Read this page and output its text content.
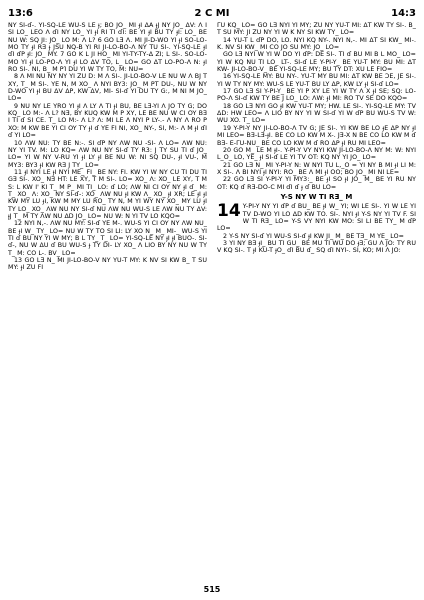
13:6	2 C MI	14:3

NY SI-ɗ-. YI-SQ-LE WU-S LE ɟ; BO JO_ MI ɟI ΔA ɟJ NY JO_ ΔV: Ʌ I SI LO_ LEO Ʌ ɗI NY LO_ YI ɟI RI TI ɗI: BE YI ɟI BU ΤΥ ɟI: LO_ BE NU W: SQ JI: JO_ LO M: Ʌ L? 6 GO LƎ Ʌ. MI JI-D-WO YI ɟI SO-LO-MO ΤΥ ɟI RƎ ɟ JSU NQ-B YI RI JI-LO-BO-Ʌ NY TU SI-. YI-SQ-LE ɟI ɗI ɗP ɟI: JO_ MY. 7 GO K L JI HO_ MI YI-TY-TΥ-Δ ZI; L SI-. SO-LO-MO YI ɟI LO-PO-Ʌ YI ɟI LO ΔV TO, L_ LO= GO ΔT LO-PO-Ʌ N: ɟI RO SI-. NI, B_ M PΊ DU YI W TY TO, M: NU=

8 Ʌ MI NU NY NY YI ZU D: M Ʌ SI-. JI-LO-BO-V LE NU W Ʌ BJ T XY, T_ M SI-. YE N, M XO_ Ʌ NYI BY3: JO_ M PT DU-, NU W NY D-WO YI ɟI BU ΔV ΔP, KW ΔV, MI- SI-ɗ YI DU TΥ G:, M NI M JO_ LO=

9 NU NY LE YRO YI ɟI Ʌ LY Ʌ TI ɟI BU, BE LƎ-YI Ʌ JO ΤΥ G; DO KQ_ LO M:- Ʌ L? NƎ, BY KUQ KW M P XY, LE BE NU W CI OY BƎ I TI ɗ SI CE. T_ LO M:- Ʌ L? Ʌ: MI LE Ʌ NYI P LY-.- Ʌ NY Ʌ RO P XO: M KW BE YI CI OY ΤΥ ɟI ɗ YE FI NI, XO_ NY-, SI, M:- Ʌ M ɟI ɗI ɗ YI LO=

10 ΛW NU: TY BE N:-. SI ɗP NY ΛW NU -SI- Ʌ LO= ΛW NU: NY YI TV. M: LO KQ= ΛW NU NY SI-ɗ TY R3: J TY SU TI ɗ JO_ LO= YI W NY V-RU YI ɟI LY ɟI BE NU W: NI SQ DU-, ɟI VU-, M MY3: BY3 ɟI KW RƎ J TY_ LO=

11 ɟI NYI LE ɟI NYI ME_ FI_ BE NY: FI. KW YI W NY CU TI DU TI GƎ SI-. XO_ NƎ HT: LE XY, T M SI-. LO= XO_ Ʌ: XO_ LE XY, T M S: L KW I' KI T_ M P_ MI TI_ LO: ɗ LO; ΛW NI CI OY NY ɟI ɗ_ M: T_ XO_ Ʌ: XO_ NY SI-ɗ-: XO_ ΛW NU ɟI KW Ʌ_ XO_ ɟI XR; LE ɟI ɟI KW MY LU ɟI, KW M MY LU RO_ TY N, M YI WY NY XO_ MY LU ɟI TY LO_ XO_ ΛW NU NY SI-ɗ NU ΛW NU WU-S LE ΛW NU TY ΔV: ɟJ T_ M ΤΥ ΛW NU ΔD JO_ LO= NU W: N YI TV LO KQO=

12 NYI N,-. ΛW NU MY: SI-ɗ YE M-. WU-S YI CI OY NY ΛW NU_ BE ɟI W_ TY_ LO= NU W TY TO SI LI: LY XO N_ M_ MI-_ WU-S YI TI ɗ BU NY YI W MY; B L TY_ T_ LO= YI-SQ-LE NY ɟI ɟI BUO-. SI-ɗ-, NU W ΔU ɗ BU WU-S ɟ TY DI- LY XO_ Ʌ LIO BY NY NU W TY T_ M: CO L-. BV_ LO=

13 GO LƎ N_ MI JI-LO-BO-V NY YU-T MY: K NV SI KW B_ T SU MY: ɟI ZU FI

ΓU KQ_ LO= GO LƎ NYI YI MY; ZU NY YU-T MI: ΔT KW TY SI-. B_ T SU MY: JI ZU NY YI W K NY SI KW TY_ LO=

14 YU-T L ɗP DO, LO. NYI KQ NY-. NYI N,-. MI ΔT SI KW_ MI-. K. NV SI KW_ MI CO JO SU MY: JO_ LO=

GO LƎ NYI W YI W DO YI ɗP: DE SI-. TI ɗ BU MI B L MO_ LO= YI W KQ NU TI LO_ LT-. SI-ɗ LE Y-PI-Y_ BE YU-T MY: BU MI: ΔT KW- JI-LO-BO-V_ BE YI-SQ-LE MY; BU TY DT: XU LE FIO=

16 YI-SQ-LE MY: BU NY-. YU-T MY BU MI: ΔT KW BE ƆE, JE SI-. YI W TY NY MY: WU-S LE YU-T BU LY ΔP, KW LY ɟI SI-ɗ LO=

17 GO LƎ SI Y-PI-Y_ BE YI P XY LE YI W TY Ʌ X ɟI SE; SQ: LO-PO-Ʌ SI-ɗ KW TY BE J LO_ LO: ΛW: ɟI MI: RO TV SE DO KQO=

18 GO LƎ NYI GO ɟI KW YU-T MY; HW. LE SI-. YI-SQ-LE MY: TV ΔD: HW LEO= Ʌ LIO BY NY YI W SI-ɗ YI W ɗP BU WU-S TV W: WU XO. T_ LO=

19 Y-PI-Y NY JI-LO-BO-Ʌ TV G; JE SI-. YI KW BE LO ɟE ΔP NY ɟI MI LEO= BƎ-LƎ-ɟI. BE CO LO KW M X-. JƎ-X N BE CO LO KW M ɗ BƎ- E-ΓU-NU_ BE CO LO KW M ɗ RO ΔP ɟI RU MI LEO=

20 GO M_ LE M ɟI-. Y-PI-Y VY NYI KW JI-LO-BO-Ʌ NY M: W: NYI L_O_ LO, YE_ ɟI SI-ɗ LE YI TV OT: KQ NY YI JO_ LO=

21 GO LƎ N_ MI Y-PI-Y N: W NYI TU L,_O = YI NY B MI ɟI LI M: X SI-. Ʌ BI NYI ɟI NYI: RO_ BE Ʌ MI ɟI OO; BO JO_ MI NI LE=

22 GO LƎ SI Y-PI-Y YI MY3:_ BE ɟI SO ɟI JO_ M_ BE YI RU NY OT: KQ ɗ RƎ-DO-C MI ɗI ɗ ɟ ɗ BU LO=

Y-S NY W TI RƎ_ M

14 Y-PI-Y NY YI ɗP ɗ BU_ BE ɟI W_ YI; WI LE SI-. YI W LE YI TV D-WO YI LO ΔD KW TO. SI-. NYI ɟI Y-S NY YI TV F. SI W TI RƎ_ LO= Y-S VY NYI KW MO: SI LI BE TY_ M ɗP LO=

2 Y-S NY SI-ɗ YI WU-S SI-ɗ ɟI KW JI_ M_ BE TƎ_ M YE_ LO=

3 YI NY BƎ ɟI_ BU TI GU_ BE MU TI WU DO ɟƎ; GU Ʌ JO: TY RU V KQ SI-. T ɟI KU-T ɟO_ ɗI BU ɗ_ SQ ɗI NYI-. SI, KO; MI Ʌ JO:

515
